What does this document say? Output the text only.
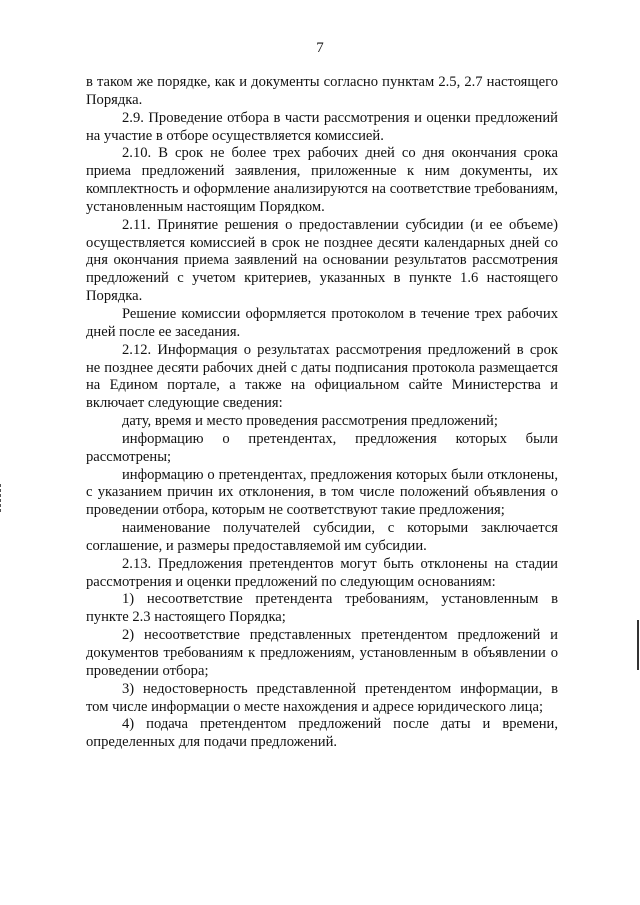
7

в таком же порядке, как и документы согласно пунктам 2.5, 2.7 настоящего Порядка.

2.9. Проведение отбора в части рассмотрения и оценки предложений на участие в отборе осуществляется комиссией.

2.10. В срок не более трех рабочих дней со дня окончания срока приема предложений заявления, приложенные к ним документы, их комплектность и оформление анализируются на соответствие требованиям, установленным настоящим Порядком.

2.11. Принятие решения о предоставлении субсидии (и ее объеме) осуществляется комиссией в срок не позднее десяти календарных дней со дня окончания приема заявлений на основании результатов рассмотрения предложений с учетом критериев, указанных в пункте 1.6 настоящего Порядка.

Решение комиссии оформляется протоколом в течение трех рабочих дней после ее заседания.

2.12. Информация о результатах рассмотрения предложений в срок не позднее десяти рабочих дней с даты подписания протокола размещается на Едином портале, а также на официальном сайте Министерства и включает следующие сведения:

дату, время и место проведения рассмотрения предложений;

информацию о претендентах, предложения которых были рассмотрены;

информацию о претендентах, предложения которых были отклонены, с указанием причин их отклонения, в том числе положений объявления о проведении отбора, которым не соответствуют такие предложения;

наименование получателей субсидии, с которыми заключается соглашение, и размеры предоставляемой им субсидии.

2.13. Предложения претендентов могут быть отклонены на стадии рассмотрения и оценки предложений по следующим основаниям:

1) несоответствие претендента требованиям, установленным в пункте 2.3 настоящего Порядка;

2) несоответствие представленных претендентом предложений и документов требованиям к предложениям, установленным в объявлении о проведении отбора;

3) недостоверность представленной претендентом информации, в том числе информации о месте нахождения и адресе юридического лица;

4) подача претендентом предложений после даты и времени, определенных для подачи предложений.
